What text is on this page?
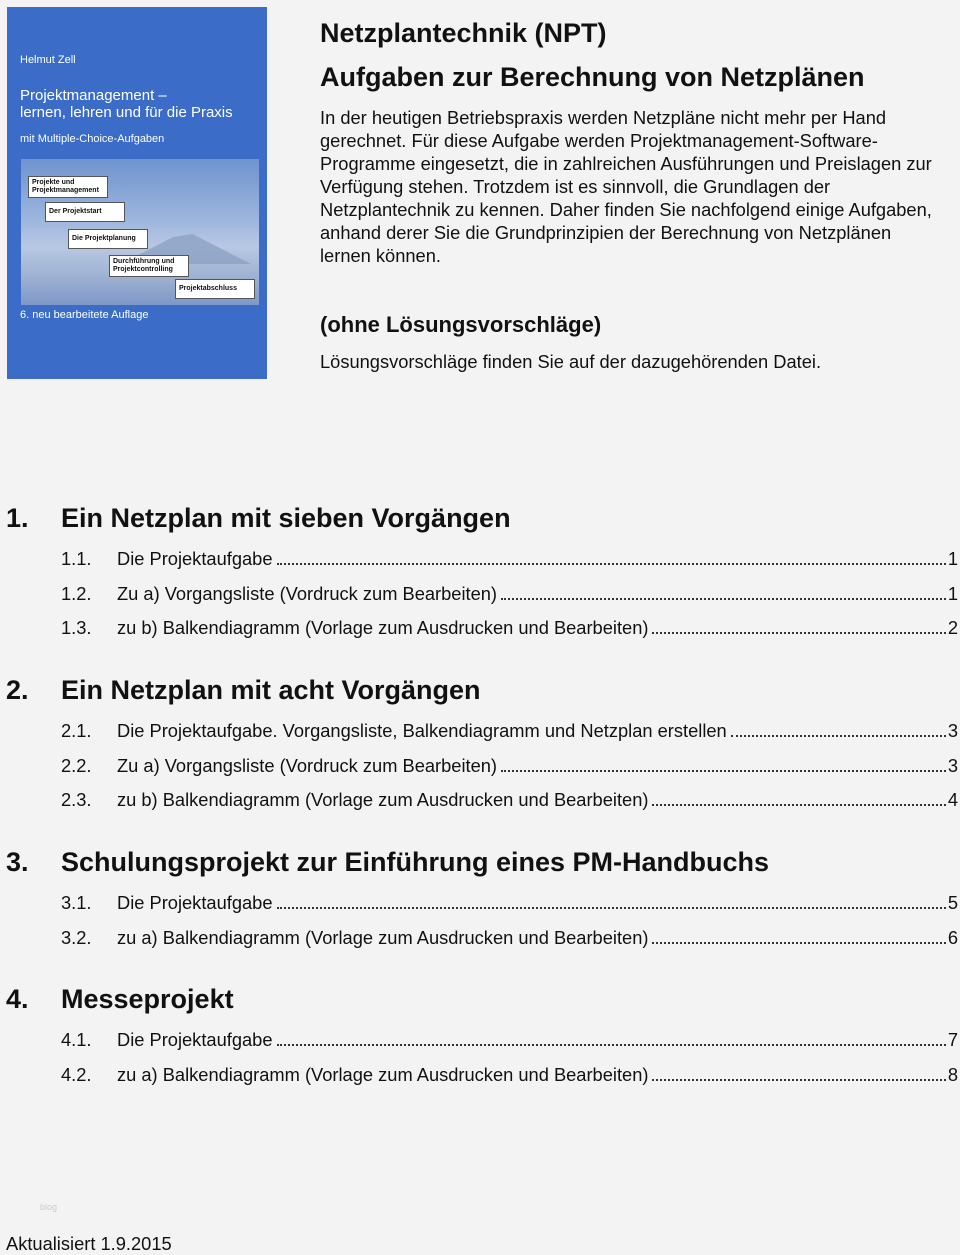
Helmut Zell
Projektmanagement –
lernen, lehren und für die Praxis
mit Multiple-Choice-Aufgaben
Projekte und Projektmanagement
Der Projektstart
Die Projektplanung
Durchführung und Projektcontrolling
Projektabschluss
6. neu bearbeitete Auflage
Netzplantechnik (NPT)
Aufgaben zur Berechnung von Netzplänen
In der heutigen Betriebspraxis werden Netzpläne nicht mehr per Hand gerechnet. Für diese Aufgabe werden Projektmanagement-Software-Programme eingesetzt, die in zahlreichen Ausführungen und Preislagen zur Verfügung stehen. Trotzdem ist es sinnvoll, die Grundlagen der Netzplantechnik zu kennen. Daher finden Sie nachfolgend einige Aufgaben, anhand derer Sie die Grundprinzipien der Berechnung von Netzplänen lernen können.
(ohne Lösungsvorschläge)
Lösungsvorschläge finden Sie auf der dazugehörenden Datei.
1.	Ein Netzplan mit sieben Vorgängen
1.1.	Die Projektaufgabe	1
1.2.	Zu a) Vorgangsliste (Vordruck zum Bearbeiten)	1
1.3.	zu b) Balkendiagramm (Vorlage zum Ausdrucken und Bearbeiten)	2
2.	Ein Netzplan mit acht Vorgängen
2.1.	Die Projektaufgabe. Vorgangsliste, Balkendiagramm und Netzplan erstellen	3
2.2.	Zu a) Vorgangsliste (Vordruck zum Bearbeiten)	3
2.3.	zu b) Balkendiagramm (Vorlage zum Ausdrucken und Bearbeiten)	4
3.	Schulungsprojekt zur Einführung eines PM-Handbuchs
3.1.	Die Projektaufgabe	5
3.2.	zu a) Balkendiagramm (Vorlage zum Ausdrucken und Bearbeiten)	6
4.	Messeprojekt
4.1.	Die Projektaufgabe	7
4.2.	zu a) Balkendiagramm (Vorlage zum Ausdrucken und Bearbeiten)	8
blog
Aktualisiert 1.9.2015
